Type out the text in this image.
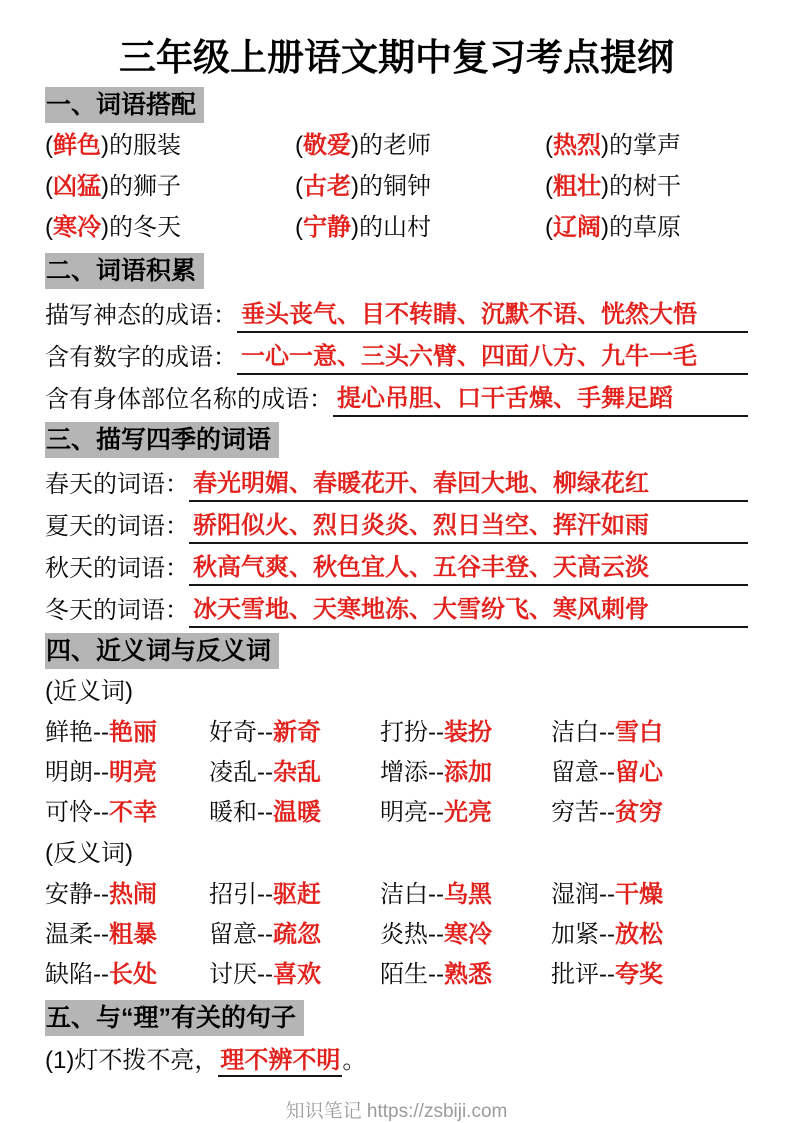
三年级上册语文期中复习考点提纲
一、词语搭配
(鲜色)的服装	(敬爱)的老师	(热烈)的掌声
(凶猛)的狮子	(古老)的铜钟	(粗壮)的树干
(寒冷)的冬天	(宁静)的山村	(辽阔)的草原
二、词语积累
描写神态的成语： 垂头丧气、目不转睛、沉默不语、恍然大悟
含有数字的成语： 一心一意、三头六臂、四面八方、九牛一毛
含有身体部位名称的成语： 提心吊胆、口干舌燥、手舞足蹈
三、描写四季的词语
春天的词语： 春光明媚、春暖花开、春回大地、柳绿花红
夏天的词语： 骄阳似火、烈日炎炎、烈日当空、挥汗如雨
秋天的词语： 秋高气爽、秋色宜人、五谷丰登、天高云淡
冬天的词语： 冰天雪地、天寒地冻、大雪纷飞、寒风刺骨
四、近义词与反义词
(近义词)
鲜艳--艳丽	好奇--新奇	打扮--装扮	洁白--雪白
明朗--明亮	凌乱--杂乱	增添--添加	留意--留心
可怜--不幸	暖和--温暖	明亮--光亮	穷苦--贫穷
(反义词)
安静--热闹	招引--驱赶	洁白--乌黑	湿润--干燥
温柔--粗暴	留意--疏忽	炎热--寒冷	加紧--放松
缺陷--长处	讨厌--喜欢	陌生--熟悉	批评--夸奖
五、与“理”有关的句子
(1)灯不拨不亮，理不辨不明。
知识笔记 https://zsbiji.com
